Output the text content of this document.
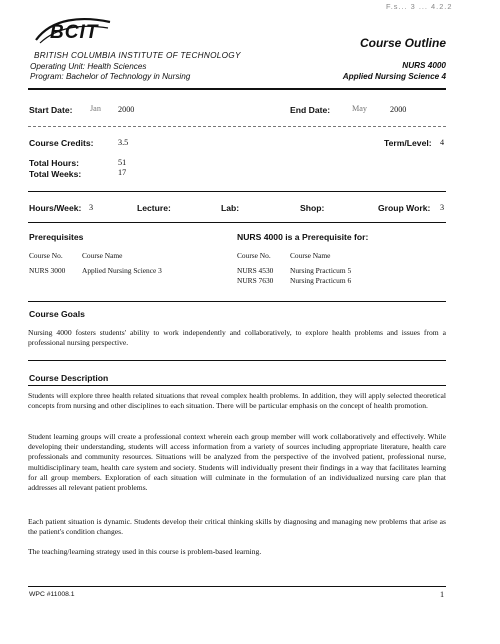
F.s... 3 ... 4.2.2
BCIT
BRITISH COLUMBIA INSTITUTE OF TECHNOLOGY
Operating Unit: Health Sciences
Program: Bachelor of Technology in Nursing
Course Outline
NURS 4000
Applied Nursing Science 4
Start Date: Jan 2000	End Date:	May	2000
Course Credits:	3.5	Term/Level: 4
Total Hours:	51
Total Weeks:	17
Hours/Week: 3	Lecture:	Lab:	Shop:	Group Work: 3
Prerequisites
Course No.	Course Name
NURS 3000 Applied Nursing Science 3
NURS 4000 is a Prerequisite for:
Course No.	Course Name
NURS 4530 Nursing Practicum 5
NURS 7630 Nursing Practicum 6
Course Goals
Nursing 4000 fosters students' ability to work independently and collaboratively, to explore health problems and issues from a professional nursing perspective.
Course Description
Students will explore three health related situations that reveal complex health problems. In addition, they will apply selected theoretical concepts from nursing and other disciplines to each situation. There will be particular emphasis on the concept of health promotion.
Student learning groups will create a professional context wherein each group member will work collaboratively and effectively. While developing their understanding, students will access information from a variety of sources including appropriate literature, health care professionals and community resources. Situations will be analyzed from the perspective of the involved patient, professional nurse, multidisciplinary team, health care system and society. Students will individually present their findings in a way that facilitates learning for all group members. Exploration of each situation will culminate in the formulation of an individualized nursing care plan that addresses all relevant patient problems.
Each patient situation is dynamic. Students develop their critical thinking skills by diagnosing and managing new problems that arise as the patient's condition changes.
The teaching/learning strategy used in this course is problem-based learning.
WPC #11008.1	1
